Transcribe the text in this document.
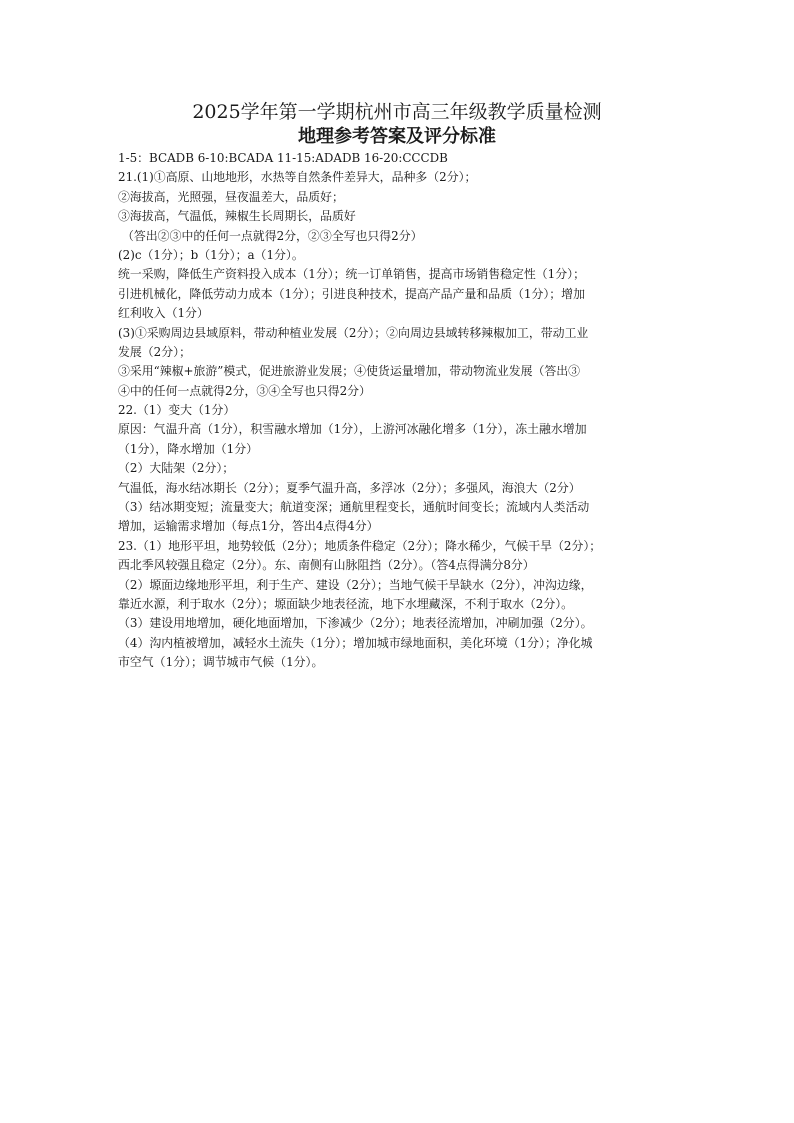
2025学年第一学期杭州市高三年级教学质量检测
地理参考答案及评分标准
1-5：BCADB 6-10:BCADA 11-15:ADADB 16-20:CCCDB
21.(1)①高原、山地地形，水热等自然条件差异大，品种多（2分）；
②海拔高，光照强，昼夜温差大，品质好；
③海拔高，气温低，辣椒生长周期长，品质好
（答出②③中的任何一点就得2分，②③全写也只得2分）
(2)c（1分）；b（1分）；a（1分）。
统一采购，降低生产资料投入成本（1分）；统一订单销售，提高市场销售稳定性（1分）；
引进机械化，降低劳动力成本（1分）；引进良种技术，提高产品产量和品质（1分）；增加
红利收入（1分）
(3)①采购周边县域原料，带动种植业发展（2分）；②向周边县域转移辣椒加工，带动工业
发展（2分）；
③采用“辣椒+旅游”模式，促进旅游业发展；④使货运量增加，带动物流业发展（答出③
④中的任何一点就得2分，③④全写也只得2分）
22.（1）变大（1分）
原因：气温升高（1分），积雪融水增加（1分），上游河冰融化增多（1分），冻土融水增加
（1分），降水增加（1分）
（2）大陆架（2分）；
气温低，海水结冰期长（2分）；夏季气温升高，多浮冰（2分）；多强风，海浪大（2分）
（3）结冰期变短；流量变大；航道变深；通航里程变长，通航时间变长；流域内人类活动
增加，运输需求增加（每点1分，答出4点得4分）
23.（1）地形平坦，地势较低（2分）；地质条件稳定（2分）；降水稀少，气候干旱（2分）；
西北季风较强且稳定（2分）。东、南侧有山脉阻挡（2分）。（答4点得满分8分）
（2）塬面边缘地形平坦，利于生产、建设（2分）；当地气候干旱缺水（2分），冲沟边缘，
靠近水源，利于取水（2分）；塬面缺少地表径流，地下水埋藏深，不利于取水（2分）。
（3）建设用地增加，硬化地面增加，下渗减少（2分）；地表径流增加，冲刷加强（2分）。
（4）沟内植被增加，减轻水土流失（1分）；增加城市绿地面积，美化环境（1分）；净化城
市空气（1分）；调节城市气候（1分）。
